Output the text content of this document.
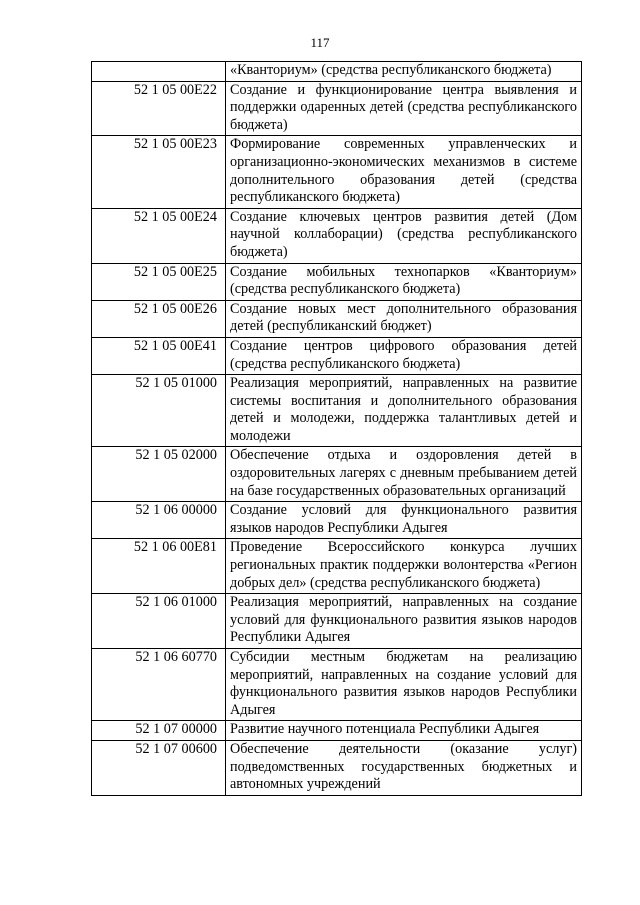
117
	«Кванториум» (средства республиканского бюджета)
52 1 05 00Е22	Создание и функционирование центра выявления и поддержки одаренных детей (средства республиканского бюджета)
52 1 05 00Е23	Формирование современных управленческих и организационно-экономических механизмов в системе дополнительного образования детей (средства республиканского бюджета)
52 1 05 00Е24	Создание ключевых центров развития детей (Дом научной коллаборации) (средства республиканского бюджета)
52 1 05 00Е25	Создание мобильных технопарков «Кванториум» (средства республиканского бюджета)
52 1 05 00Е26	Создание новых мест дополнительного образования детей (республиканский бюджет)
52 1 05 00Е41	Создание центров цифрового образования детей (средства республиканского бюджета)
52 1 05 01000	Реализация мероприятий, направленных на развитие системы воспитания и дополнительного образования детей и молодежи, поддержка талантливых детей и молодежи
52 1 05 02000	Обеспечение отдыха и оздоровления детей в оздоровительных лагерях с дневным пребыванием детей на базе государственных образовательных организаций
52 1 06 00000	Создание условий для функционального развития языков народов Республики Адыгея
52 1 06 00Е81	Проведение Всероссийского конкурса лучших региональных практик поддержки волонтерства «Регион добрых дел» (средства республиканского бюджета)
52 1 06 01000	Реализация мероприятий, направленных на создание условий для функционального развития языков народов Республики Адыгея
52 1 06 60770	Субсидии местным бюджетам на реализацию мероприятий, направленных на создание условий для функционального развития языков народов Республики Адыгея
52 1 07 00000	Развитие научного потенциала Республики Адыгея
52 1 07 00600	Обеспечение деятельности (оказание услуг) подведомственных государственных бюджетных и автономных учреждений
